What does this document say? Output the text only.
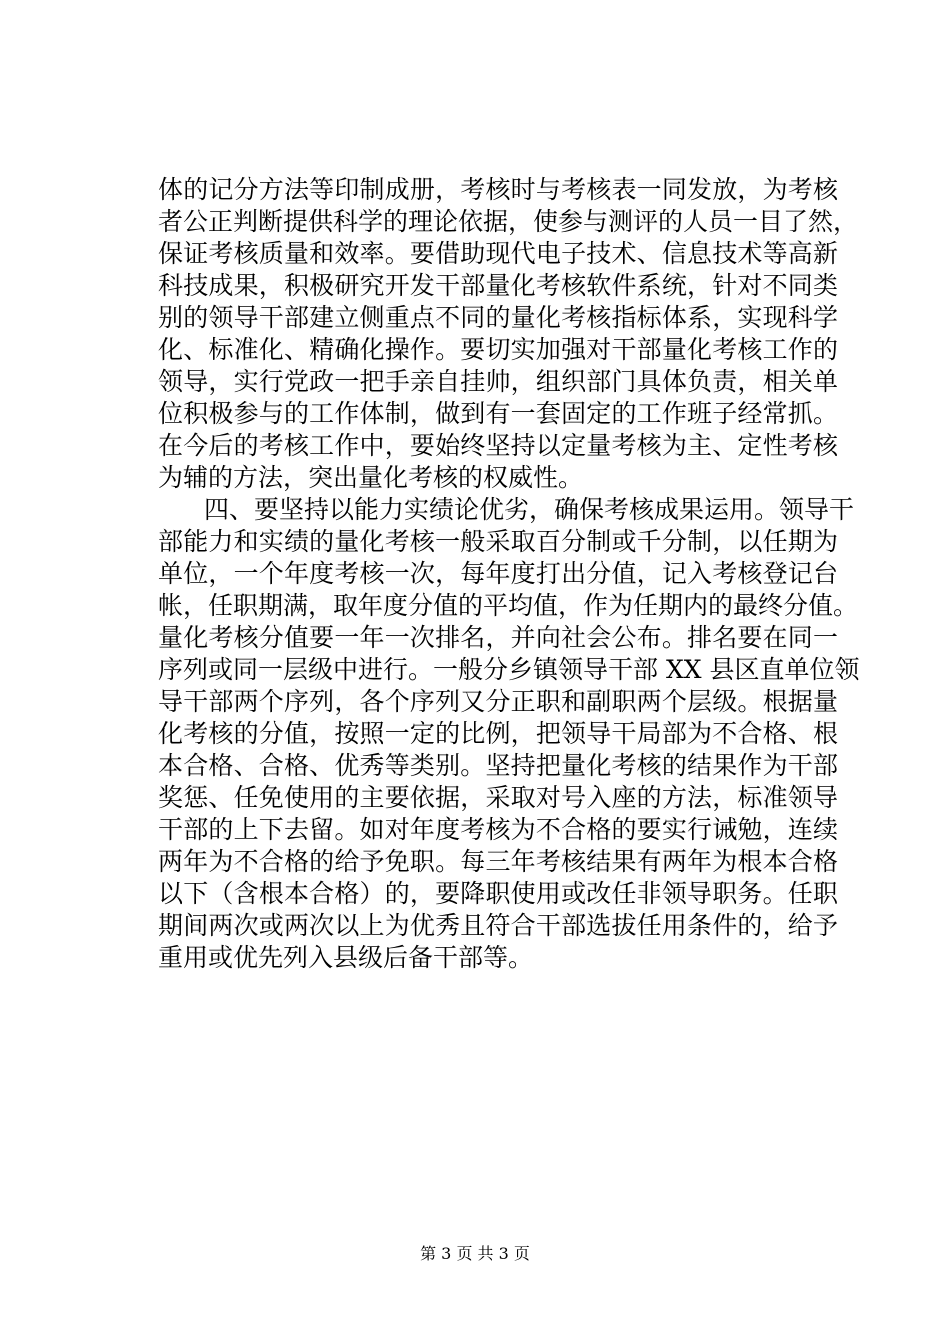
体的记分方法等印制成册，考核时与考核表一同发放，为考核
者公正判断提供科学的理论依据，使参与测评的人员一目了然，
保证考核质量和效率。要借助现代电子技术、信息技术等高新
科技成果，积极研究开发干部量化考核软件系统，针对不同类
别的领导干部建立侧重点不同的量化考核指标体系，实现科学
化、标准化、精确化操作。要切实加强对干部量化考核工作的
领导，实行党政一把手亲自挂帅，组织部门具体负责，相关单
位积极参与的工作体制，做到有一套固定的工作班子经常抓。
在今后的考核工作中，要始终坚持以定量考核为主、定性考核
为辅的方法，突出量化考核的权威性。
四、要坚持以能力实绩论优劣，确保考核成果运用。领导干
部能力和实绩的量化考核一般采取百分制或千分制，以任期为
单位，一个年度考核一次，每年度打出分值，记入考核登记台
帐，任职期满，取年度分值的平均值，作为任期内的最终分值。
量化考核分值要一年一次排名，并向社会公布。排名要在同一
序列或同一层级中进行。一般分乡镇领导干部 XX 县区直单位领
导干部两个序列，各个序列又分正职和副职两个层级。根据量
化考核的分值，按照一定的比例，把领导干局部为不合格、根
本合格、合格、优秀等类别。坚持把量化考核的结果作为干部
奖惩、任免使用的主要依据，采取对号入座的方法，标准领导
干部的上下去留。如对年度考核为不合格的要实行诫勉，连续
两年为不合格的给予免职。每三年考核结果有两年为根本合格
以下（含根本合格）的，要降职使用或改任非领导职务。任职
期间两次或两次以上为优秀且符合干部选拔任用条件的，给予
重用或优先列入县级后备干部等。
第 3 页 共 3 页
